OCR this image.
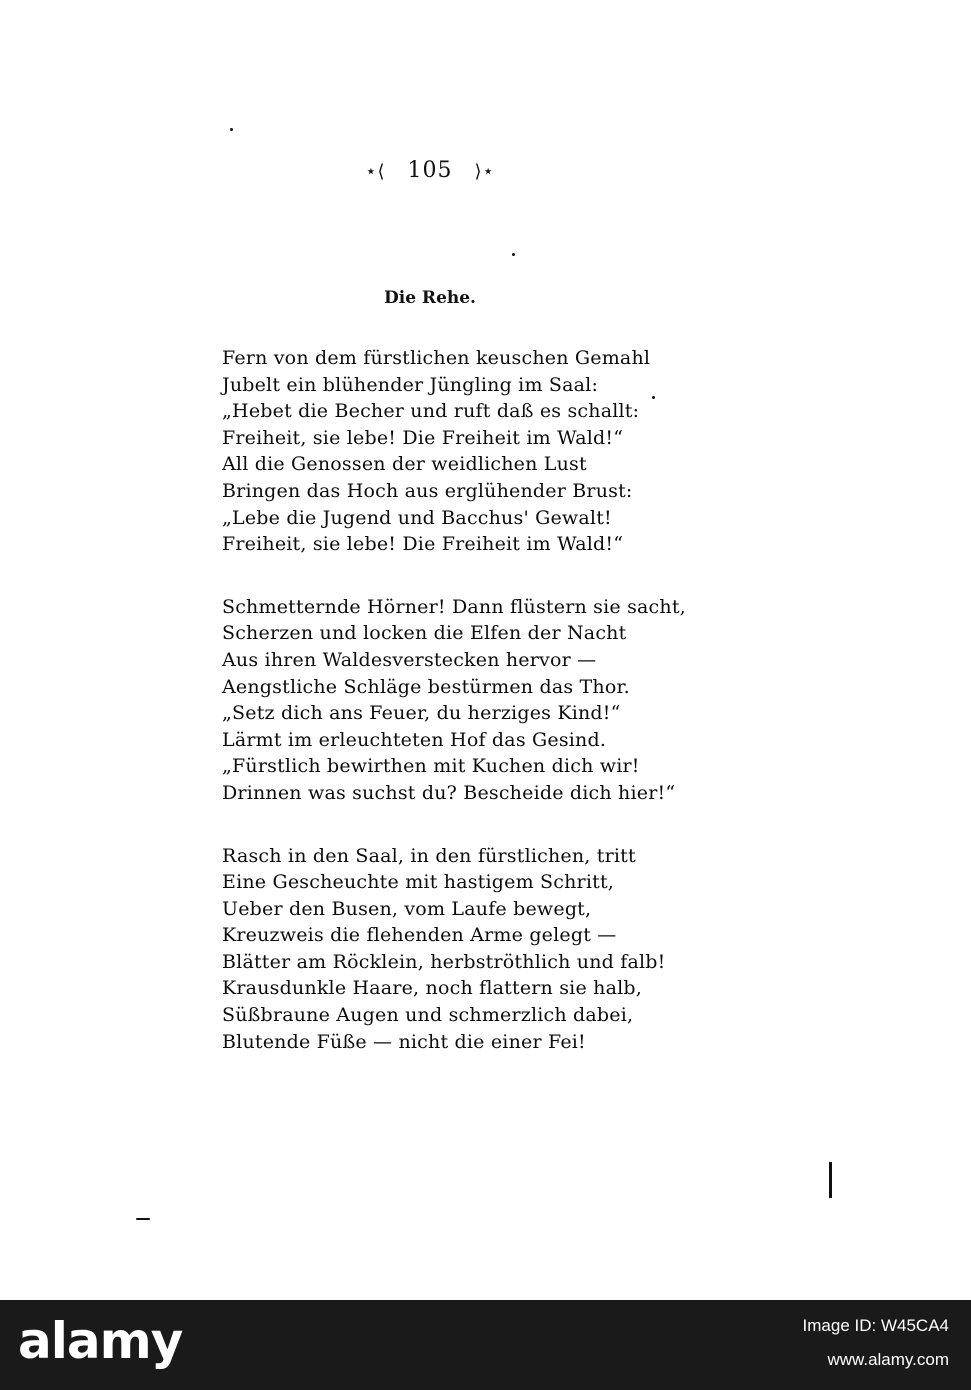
⋆⟨ 105 ⟩⋆
Die Rehe.
Fern von dem fürstlichen keuschen Gemahl
Jubelt ein blühender Jüngling im Saal:
„Hebet die Becher und ruft daß es schallt:
Freiheit, sie lebe! Die Freiheit im Wald!“
All die Genossen der weidlichen Lust
Bringen das Hoch aus erglühender Brust:
„Lebe die Jugend und Bacchus' Gewalt!
Freiheit, sie lebe! Die Freiheit im Wald!“
Schmetternde Hörner! Dann flüstern sie sacht,
Scherzen und locken die Elfen der Nacht
Aus ihren Waldesverstecken hervor —
Aengstliche Schläge bestürmen das Thor.
„Setz dich ans Feuer, du herziges Kind!“
Lärmt im erleuchteten Hof das Gesind.
„Fürstlich bewirthen mit Kuchen dich wir!
Drinnen was suchst du? Bescheide dich hier!“
Rasch in den Saal, in den fürstlichen, tritt
Eine Gescheuchte mit hastigem Schritt,
Ueber den Busen, vom Laufe bewegt,
Kreuzweis die flehenden Arme gelegt —
Blätter am Röcklein, herbströthlich und falb!
Krausdunkle Haare, noch flattern sie halb,
Süßbraune Augen und schmerzlich dabei,
Blutende Füße — nicht die einer Fei!
alamy	Image ID: W45CA4
www.alamy.com
